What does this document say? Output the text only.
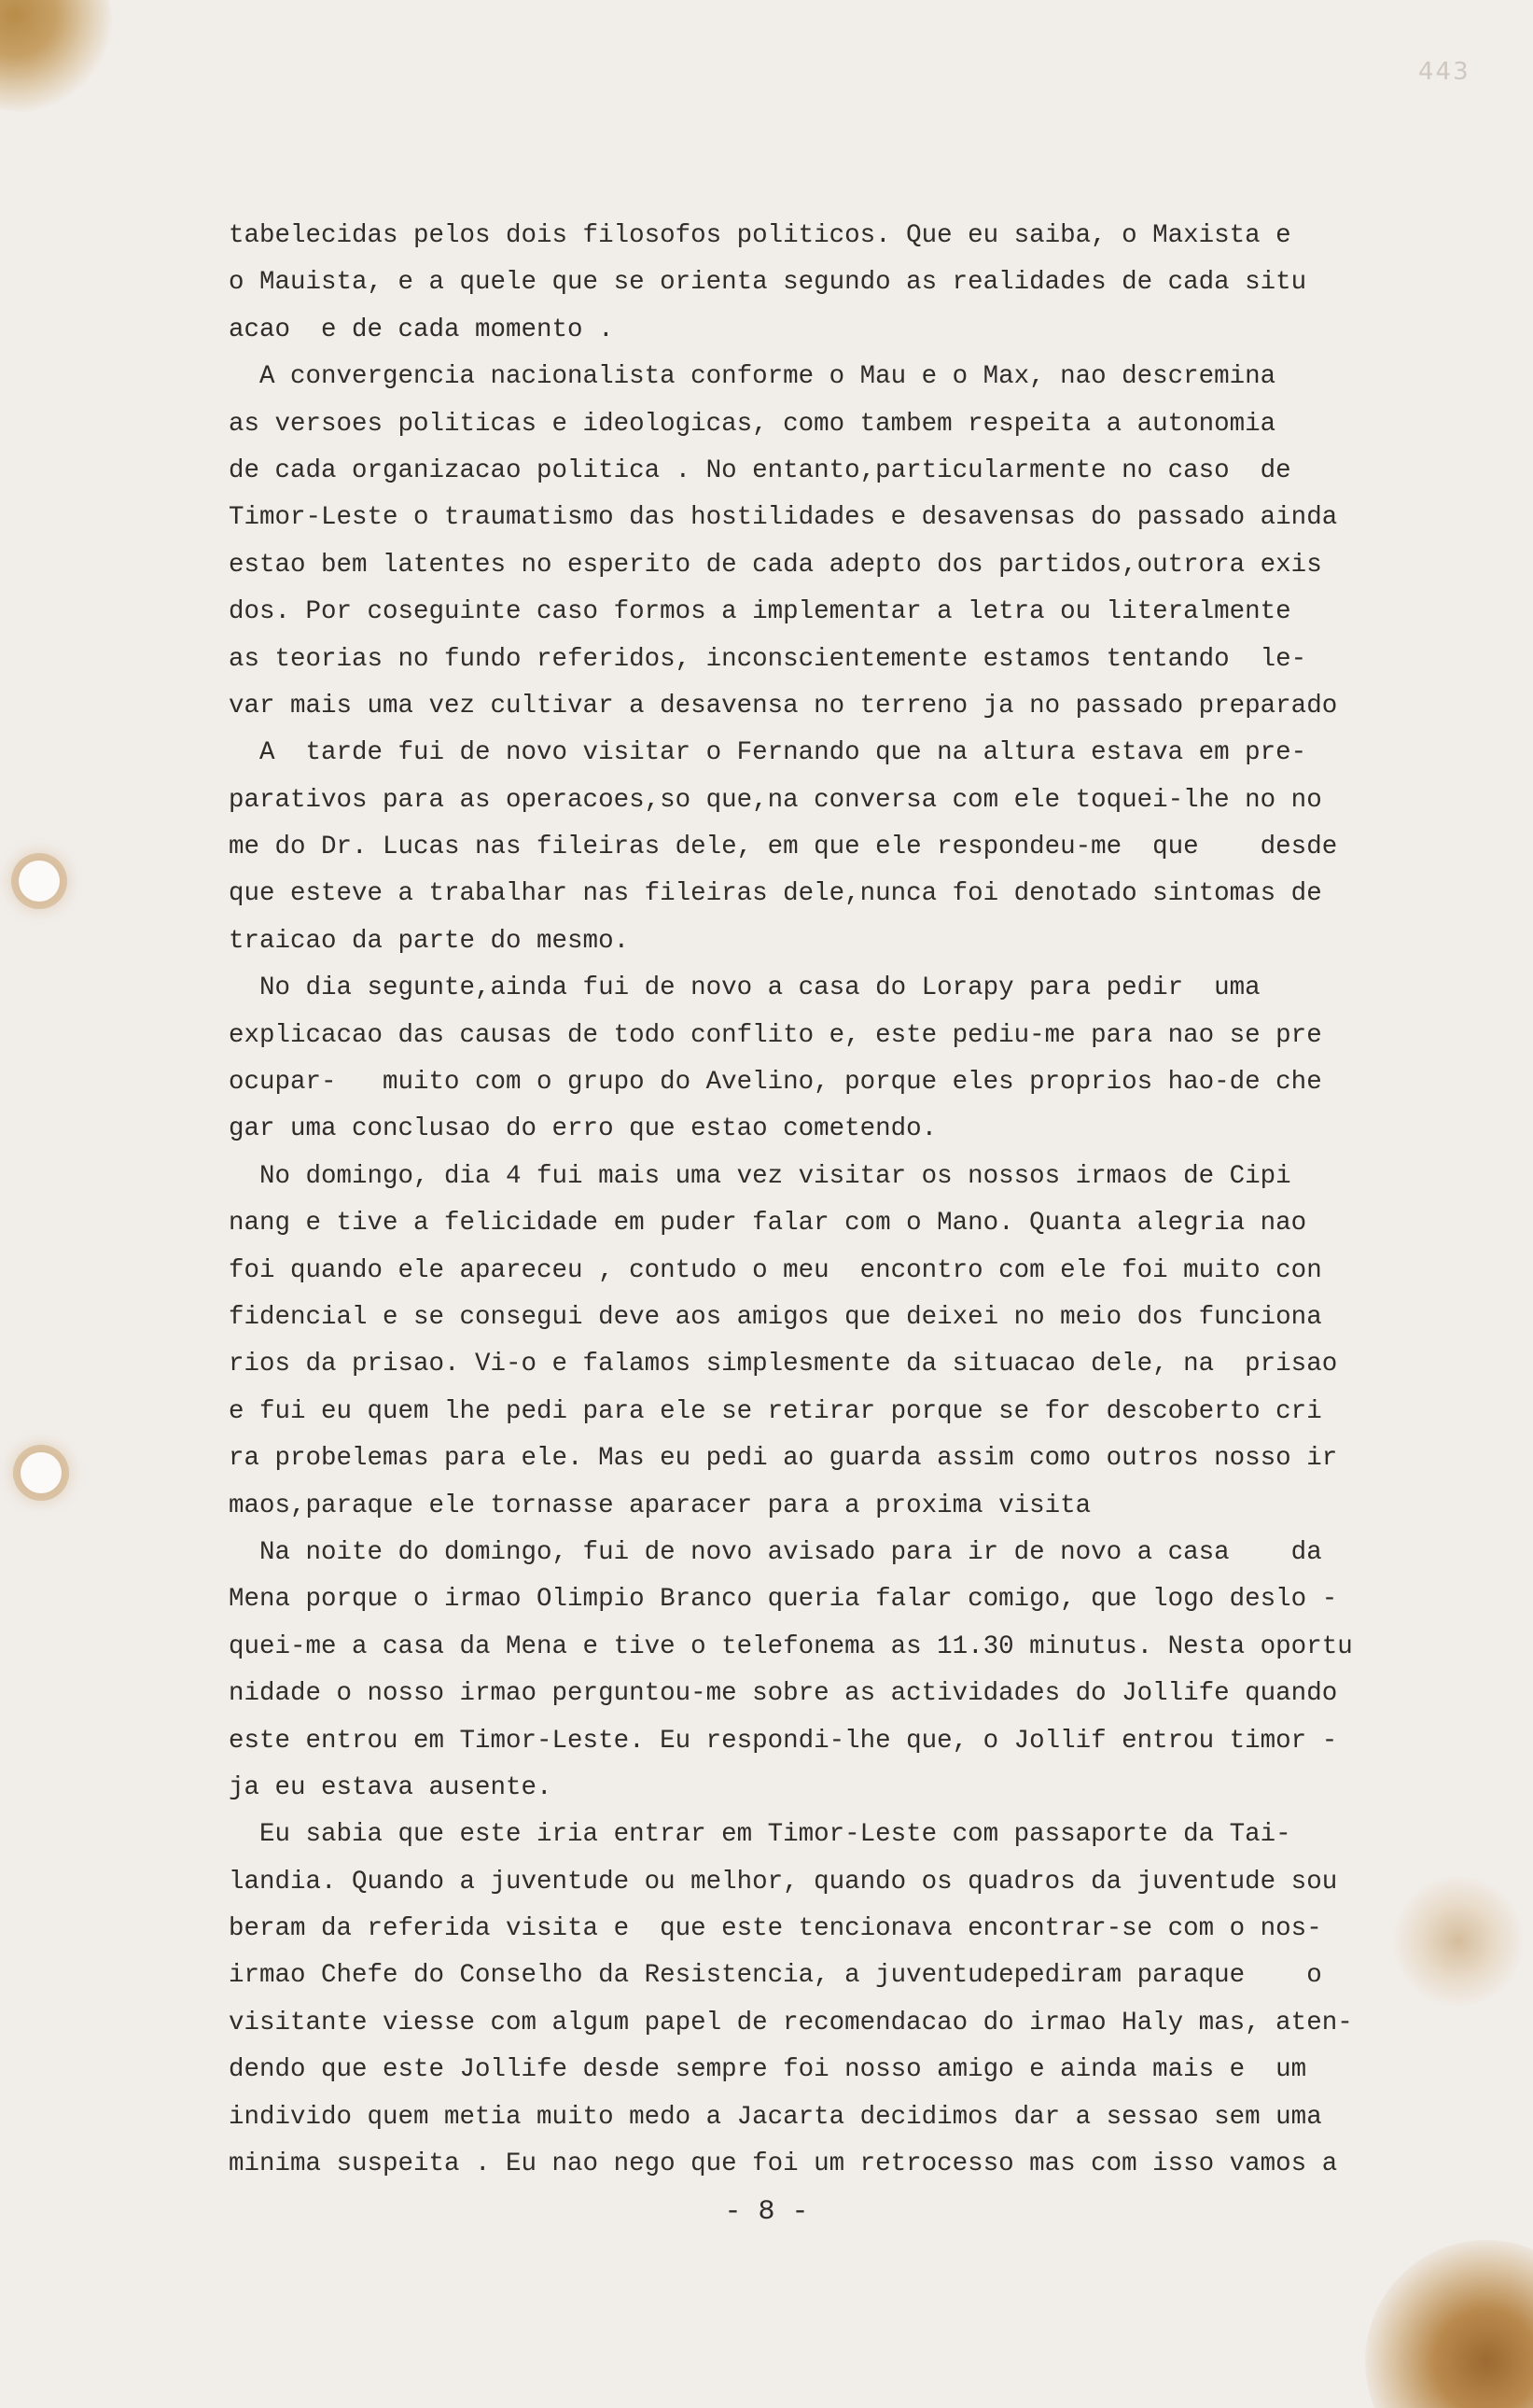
443
tabelecidas pelos dois filosofos politicos. Que eu saiba, o Maxista e
o Mauista, e a quele que se orienta segundo as realidades de cada situ
acao  e de cada momento .
A convergencia nacionalista conforme o Mau e o Max, nao descremina
as versoes politicas e ideologicas, como tambem respeita a autonomia
de cada organizacao politica . No entanto,particularmente no caso  de
Timor-Leste o traumatismo das hostilidades e desavensas do passado ainda
estao bem latentes no esperito de cada adepto dos partidos,outrora exis
dos. Por coseguinte caso formos a implementar a letra ou literalmente
as teorias no fundo referidos, inconscientemente estamos tentando  le-
var mais uma vez cultivar a desavensa no terreno ja no passado preparado
A  tarde fui de novo visitar o Fernando que na altura estava em pre-
parativos para as operacoes,so que,na conversa com ele toquei-lhe no no
me do Dr. Lucas nas fileiras dele, em que ele respondeu-me  que    desde
que esteve a trabalhar nas fileiras dele,nunca foi denotado sintomas de
traicao da parte do mesmo.
No dia segunte,ainda fui de novo a casa do Lorapy para pedir  uma
explicacao das causas de todo conflito e, este pediu-me para nao se pre
ocupar-   muito com o grupo do Avelino, porque eles proprios hao-de che
gar uma conclusao do erro que estao cometendo.
No domingo, dia 4 fui mais uma vez visitar os nossos irmaos de Cipi
nang e tive a felicidade em puder falar com o Mano. Quanta alegria nao
foi quando ele apareceu , contudo o meu  encontro com ele foi muito con
fidencial e se consegui deve aos amigos que deixei no meio dos funciona
rios da prisao. Vi-o e falamos simplesmente da situacao dele, na  prisao
e fui eu quem lhe pedi para ele se retirar porque se for descoberto cri
ra probelemas para ele. Mas eu pedi ao guarda assim como outros nosso ir
maos,paraque ele tornasse aparacer para a proxima visita
Na noite do domingo, fui de novo avisado para ir de novo a casa    da
Mena porque o irmao Olimpio Branco queria falar comigo, que logo deslo -
quei-me a casa da Mena e tive o telefonema as 11.30 minutus. Nesta oportu
nidade o nosso irmao perguntou-me sobre as actividades do Jollife quando
este entrou em Timor-Leste. Eu respondi-lhe que, o Jollif entrou timor -
ja eu estava ausente.
Eu sabia que este iria entrar em Timor-Leste com passaporte da Tai-
landia. Quando a juventude ou melhor, quando os quadros da juventude sou
beram da referida visita e  que este tencionava encontrar-se com o nos-
irmao Chefe do Conselho da Resistencia, a juventudepediram paraque    o
visitante viesse com algum papel de recomendacao do irmao Haly mas, aten-
dendo que este Jollife desde sempre foi nosso amigo e ainda mais e  um
individo quem metia muito medo a Jacarta decidimos dar a sessao sem uma
minima suspeita . Eu nao nego que foi um retrocesso mas com isso vamos a
- 8 -
